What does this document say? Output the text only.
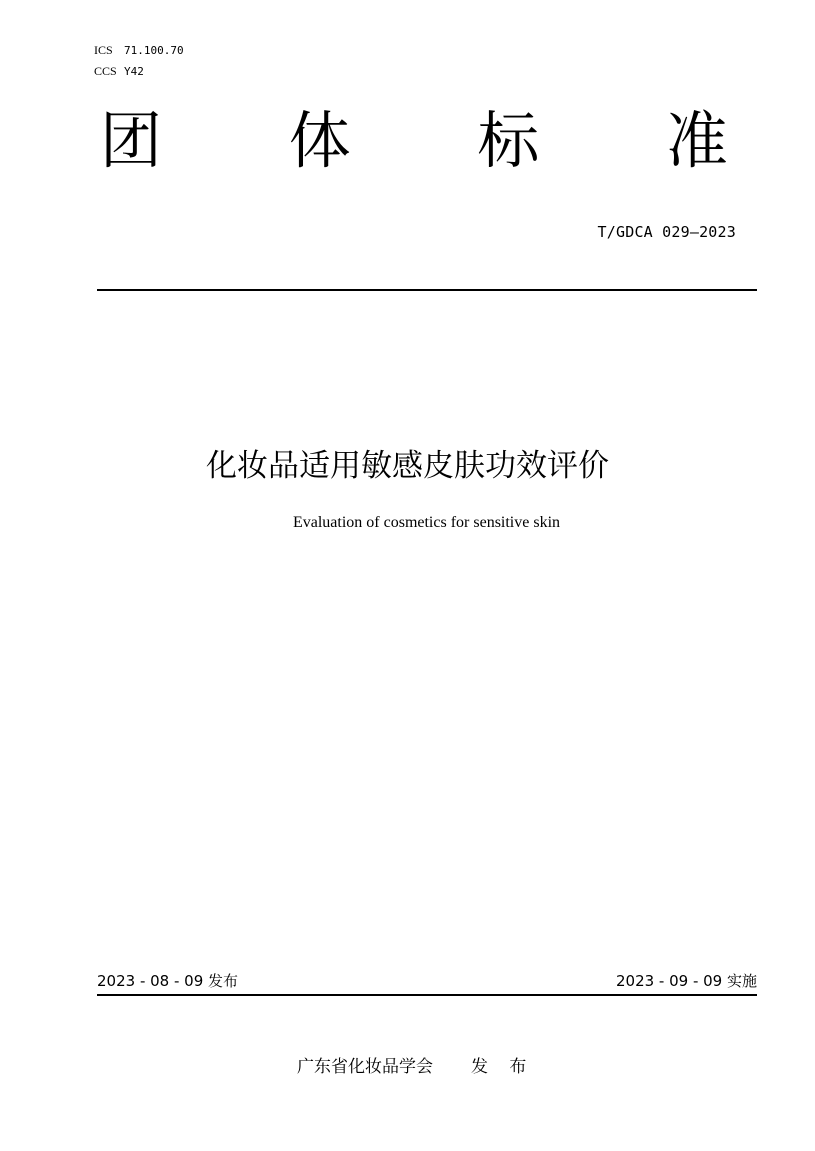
ICS	71.100.70
CCS Y42
团 体 标 准
T/GDCA 029—2023
化妆品适用敏感皮肤功效评价
Evaluation of cosmetics for sensitive skin
2023 - 08 - 09 发布	2023 - 09 - 09 实施
广东省化妆品学会 发 布
